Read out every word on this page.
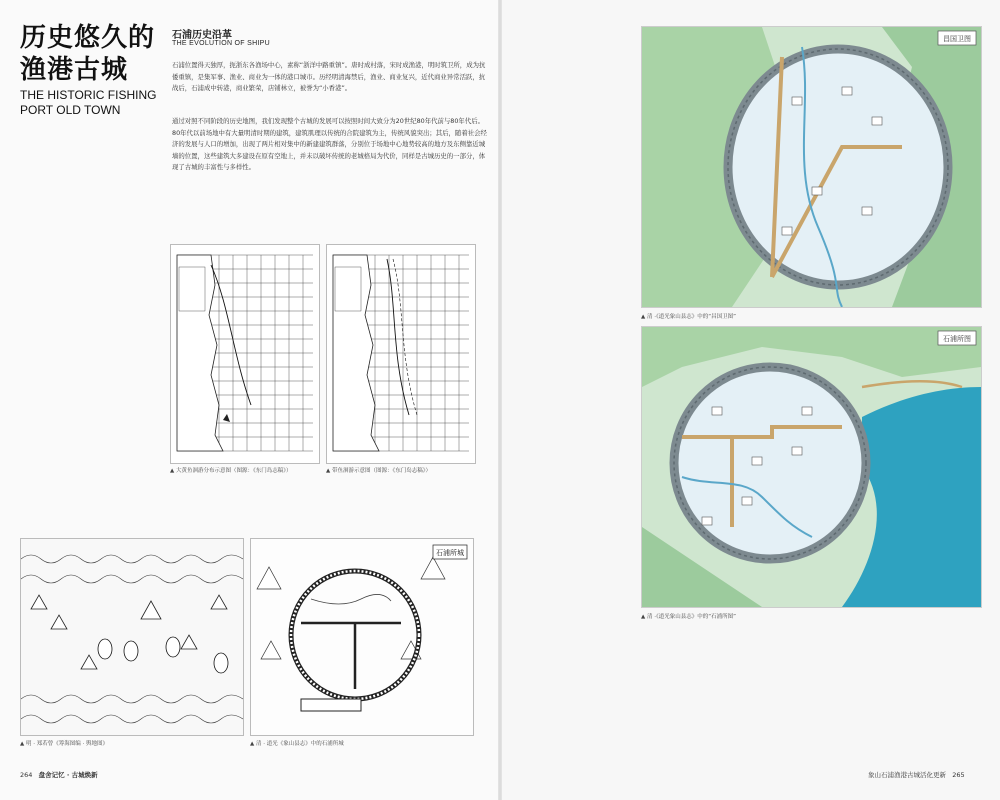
历史悠久的渔港古城
THE HISTORIC FISHING PORT OLD TOWN
石浦历史沿革
THE EVOLUTION OF SHIPU
石浦位置得天独厚，扼浙东各渔场中心，素称“浙洋中路重镇”。唐时成村落，宋时成渔港，明时筑卫所，成为抗倭重镇，是集军事、渔业、商业为一体的港口城市。历经明清海禁后，渔业、商业复兴，近代商业异常活跃，抗战后，石浦成中转港，商业繁荣，店铺林立，被誉为“小香港”。
通过对照不同阶段的历史地图，我们发现整个古城的发展可以按照时间大致分为20世纪80年代前与80年代后。80年代以前场地中有大量明清时期的建筑，建筑肌理以传统的合院建筑为主，传统风貌突出；其后，随着社会经济的发展与人口的增加，出现了两片相对集中的新建建筑群落，分别位于场地中心地势较高的地方及东侧靠近城墙的位置，这些建筑大多建设在原有空地上，并未以破坏传统的老城格局为代价，同样是古城历史的一部分，体现了古城的丰富性与多样性。
▲ 大黄鱼洄游分布示意图（图源：《东门岛志稿》）	▲ 带鱼洄游示意图（图源：《东门岛志稿》）
▲ 明 · 郑若曾《筹海图编 · 舆地图》
石浦所城
▲ 清 · 道光《象山县志》中的石浦所城
昌国卫图
▲ 清 ·《道光象山县志》中的“昌国卫图”
石浦所图
▲ 清 ·《道光象山县志》中的“石浦所图”
264 盘舍记忆 · 古城焕新	象山石浦渔港古城活化更新 265
